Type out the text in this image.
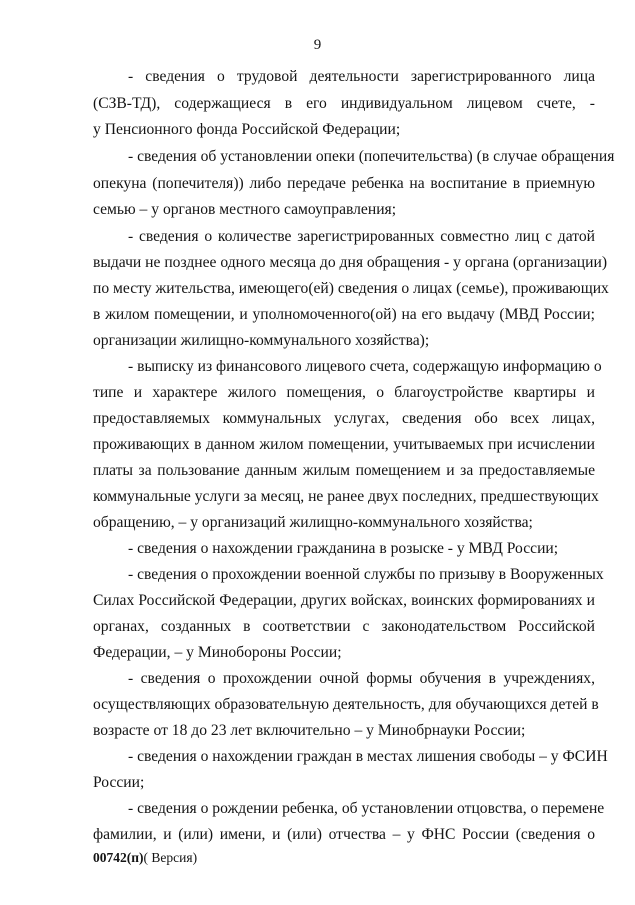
9
- сведения о трудовой деятельности зарегистрированного лица
(СЗВ-ТД), содержащиеся в его индивидуальном лицевом счете, -
у Пенсионного фонда Российской Федерации;
- сведения об установлении опеки (попечительства) (в случае обращения
опекуна (попечителя)) либо передаче ребенка на воспитание в приемную
семью – у органов местного самоуправления;
- сведения о количестве зарегистрированных совместно лиц с датой
выдачи не позднее одного месяца до дня обращения - у органа (организации)
по месту жительства, имеющего(ей) сведения о лицах (семье), проживающих
в жилом помещении, и уполномоченного(ой) на его выдачу (МВД России;
организации жилищно-коммунального хозяйства);
- выписку из финансового лицевого счета, содержащую информацию о
типе и характере жилого помещения, о благоустройстве квартиры и
предоставляемых коммунальных услугах, сведения обо всех лицах,
проживающих в данном жилом помещении, учитываемых при исчислении
платы за пользование данным жилым помещением и за предоставляемые
коммунальные услуги за месяц, не ранее двух последних, предшествующих
обращению, – у организаций жилищно-коммунального хозяйства;
- сведения о нахождении гражданина в розыске - у МВД России;
- сведения о прохождении военной службы по призыву в Вооруженных
Силах Российской Федерации, других войсках, воинских формированиях и
органах, созданных в соответствии с законодательством Российской
Федерации, – у Минобороны России;
- сведения о прохождении очной формы обучения в учреждениях,
осуществляющих образовательную деятельность, для обучающихся детей в
возрасте от 18 до 23 лет включительно – у Минобрнауки России;
- сведения о нахождении граждан в местах лишения свободы – у ФСИН
России;
- сведения о рождении ребенка, об установлении отцовства, о перемене
фамилии, и (или) имени, и (или) отчества – у ФНС России (сведения о
00742(п)( Версия)
